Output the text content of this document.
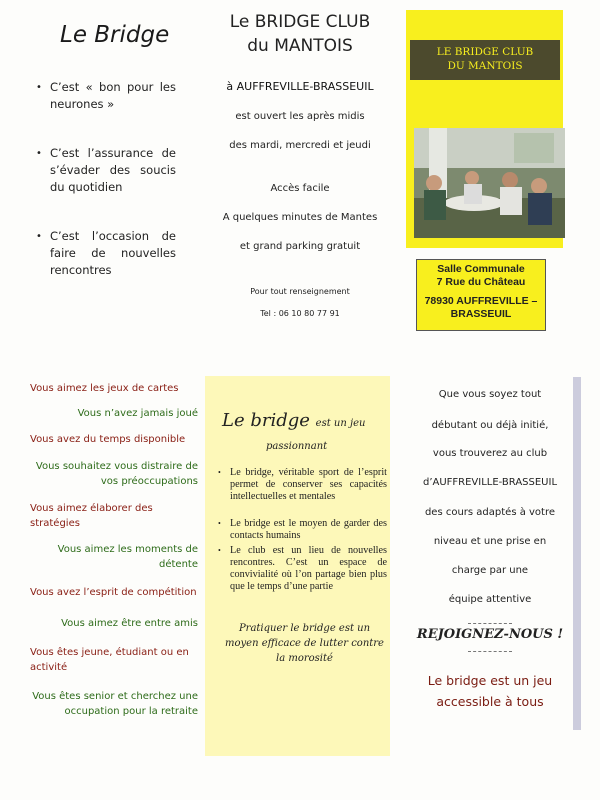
Le Bridge
• C’est « bon pour les neurones »
• C’est l’assurance de s’évader des soucis du quotidien
• C’est l’occasion de faire de nouvelles rencontres
Le BRIDGE CLUB
du MANTOIS
à AUFFREVILLE-BRASSEUIL
est ouvert les après midis
des mardi, mercredi et jeudi
Accès facile
A quelques minutes de Mantes
et grand parking gratuit
Pour tout renseignement
Tel : 06 10 80 77 91
LE BRIDGE CLUB
DU MANTOIS
Salle Communale
7 Rue du Château
78930 AUFFREVILLE –
BRASSEUIL
Vous aimez les jeux de cartes
Vous n’avez jamais joué
Vous avez du temps disponible
Vous souhaitez vous distraire de vos préoccupations
Vous aimez élaborer des stratégies
Vous aimez les moments de détente
Vous avez l’esprit de compétition
Vous aimez être entre amis
Vous êtes jeune, étudiant ou en activité
Vous êtes senior et cherchez une occupation pour la retraite
Le bridge est un jeu
passionnant
• Le bridge, véritable sport de l’esprit permet de conserver ses capacités intellectuelles et mentales
• Le bridge est le moyen de garder des contacts humains
• Le club est un lieu de nouvelles rencontres. C’est un espace de convivialité où l’on partage bien plus que le temps d’une partie
Pratiquer le bridge est un moyen efficace de lutter contre la morosité
Que vous soyez tout
débutant ou déjà initié,
vous trouverez au club
d’AUFFREVILLE-BRASSEUIL
des cours adaptés à votre
niveau et une prise en
charge par une
équipe attentive
REJOIGNEZ-NOUS !
Le bridge est un jeu
accessible à tous
